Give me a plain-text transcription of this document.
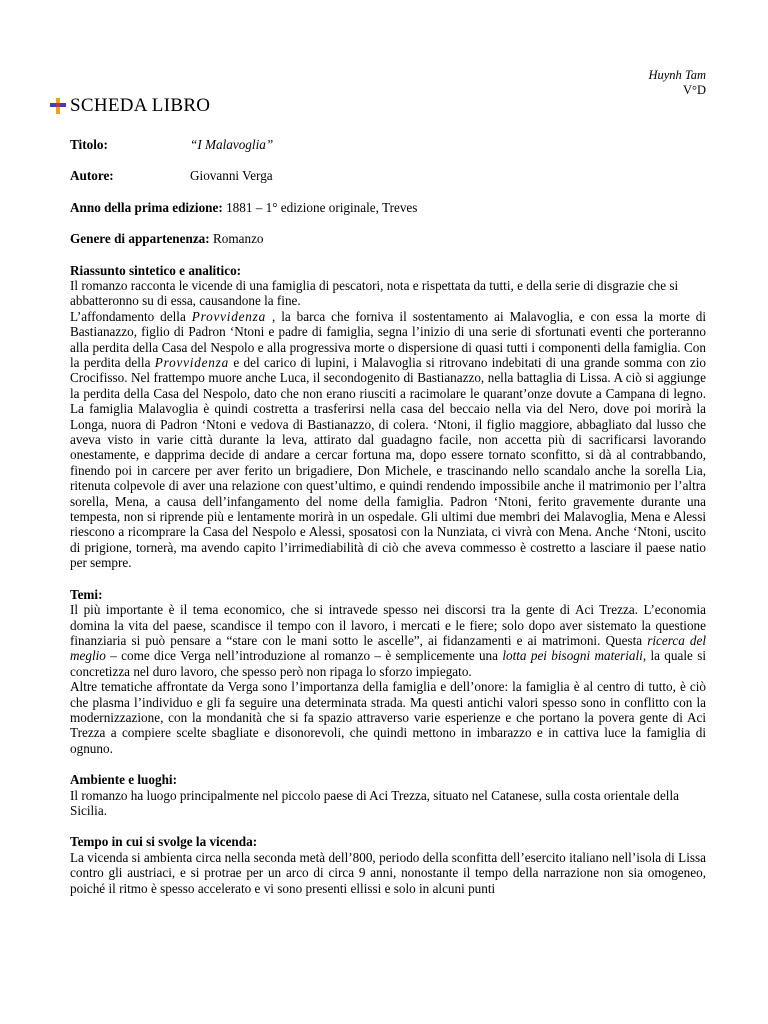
Huynh Tam
V°D
SCHEDA LIBRO
Titolo:	“I Malavoglia”
Autore:	Giovanni Verga
Anno della prima edizione:
1881 – 1° edizione originale, Treves
Genere di appartenenza:
Romanzo
Riassunto sintetico e analitico:

Il romanzo racconta le vicende di una famiglia di pescatori, nota e rispettata da tutti, e della serie di disgrazie che si abbatteronno su di essa, causandone la fine.

L’affondamento della Provvidenza , la barca che forniva il sostentamento ai Malavoglia, e con essa la morte di Bastianazzo, figlio di Padron ‘Ntoni e padre di famiglia, segna l’inizio di una serie di sfortunati eventi che porteranno alla perdita della Casa del Nespolo e alla progressiva morte o dispersione di quasi tutti i componenti della famiglia. Con la perdita della Provvidenza e del carico di lupini, i Malavoglia si ritrovano indebitati di una grande somma con zio Crocifisso. Nel frattempo muore anche Luca, il secondogenito di Bastianazzo, nella battaglia di Lissa. A ciò si aggiunge la perdita della Casa del Nespolo, dato che non erano riusciti a racimolare le quarant’onze dovute a Campana di legno. La famiglia Malavoglia è quindi costretta a trasferirsi nella casa del beccaio nella via del Nero, dove poi morirà la Longa, nuora di Padron ‘Ntoni e vedova di Bastianazzo, di colera. ‘Ntoni, il figlio maggiore, abbagliato dal lusso che aveva visto in varie città durante la leva, attirato dal guadagno facile, non accetta più di sacrificarsi lavorando onestamente, e dapprima decide di andare a cercar fortuna ma, dopo essere tornato sconfitto, si dà al contrabbando, finendo poi in carcere per aver ferito un brigadiere, Don Michele, e trascinando nello scandalo anche la sorella Lia, ritenuta colpevole di aver una relazione con quest’ultimo, e quindi rendendo impossibile anche il matrimonio per l’altra sorella, Mena, a causa dell’infangamento del nome della famiglia. Padron ‘Ntoni, ferito gravemente durante una tempesta, non si riprende più e lentamente morirà in un ospedale. Gli ultimi due membri dei Malavoglia, Mena e Alessi riescono a ricomprare la Casa del Nespolo e Alessi, sposatosi con la Nunziata, ci vivrà con Mena. Anche ‘Ntoni, uscito di prigione, tornerà, ma avendo capito l’irrimediabilità di ciò che aveva commesso è costretto a lasciare il paese natio per sempre.

Temi:

Il più importante è il tema economico, che si intravede spesso nei discorsi tra la gente di Aci Trezza. L’economia domina la vita del paese, scandisce il tempo con il lavoro, i mercati e le fiere; solo dopo aver sistemato la questione finanziaria si può pensare a “stare con le mani sotto le ascelle”, ai fidanzamenti e ai matrimoni. Questa ricerca del meglio – come dice Verga nell’introduzione al romanzo – è semplicemente una lotta pei bisogni materiali, la quale si concretizza nel duro lavoro, che spesso però non ripaga lo sforzo impiegato.

Altre tematiche affrontate da Verga sono l’importanza della famiglia e dell’onore: la famiglia è al centro di tutto, è ciò che plasma l’individuo e gli fa seguire una determinata strada. Ma questi antichi valori spesso sono in conflitto con la modernizzazione, con la mondanità che si fa spazio attraverso varie esperienze e che portano la povera gente di Aci Trezza a compiere scelte sbagliate e disonorevoli, che quindi mettono in imbarazzo e in cattiva luce la famiglia di ognuno.

Ambiente e luoghi:

Il romanzo ha luogo principalmente nel piccolo paese di Aci Trezza, situato nel Catanese, sulla costa orientale della Sicilia.

Tempo in cui si svolge la vicenda:

La vicenda si ambienta circa nella seconda metà dell’800, periodo della sconfitta dell’esercito italiano nell’isola di Lissa contro gli austriaci, e si protrae per un arco di circa 9 anni, nonostante il tempo della narrazione non sia omogeneo, poiché il ritmo è spesso accelerato e vi sono presenti ellissi e solo in alcuni punti
